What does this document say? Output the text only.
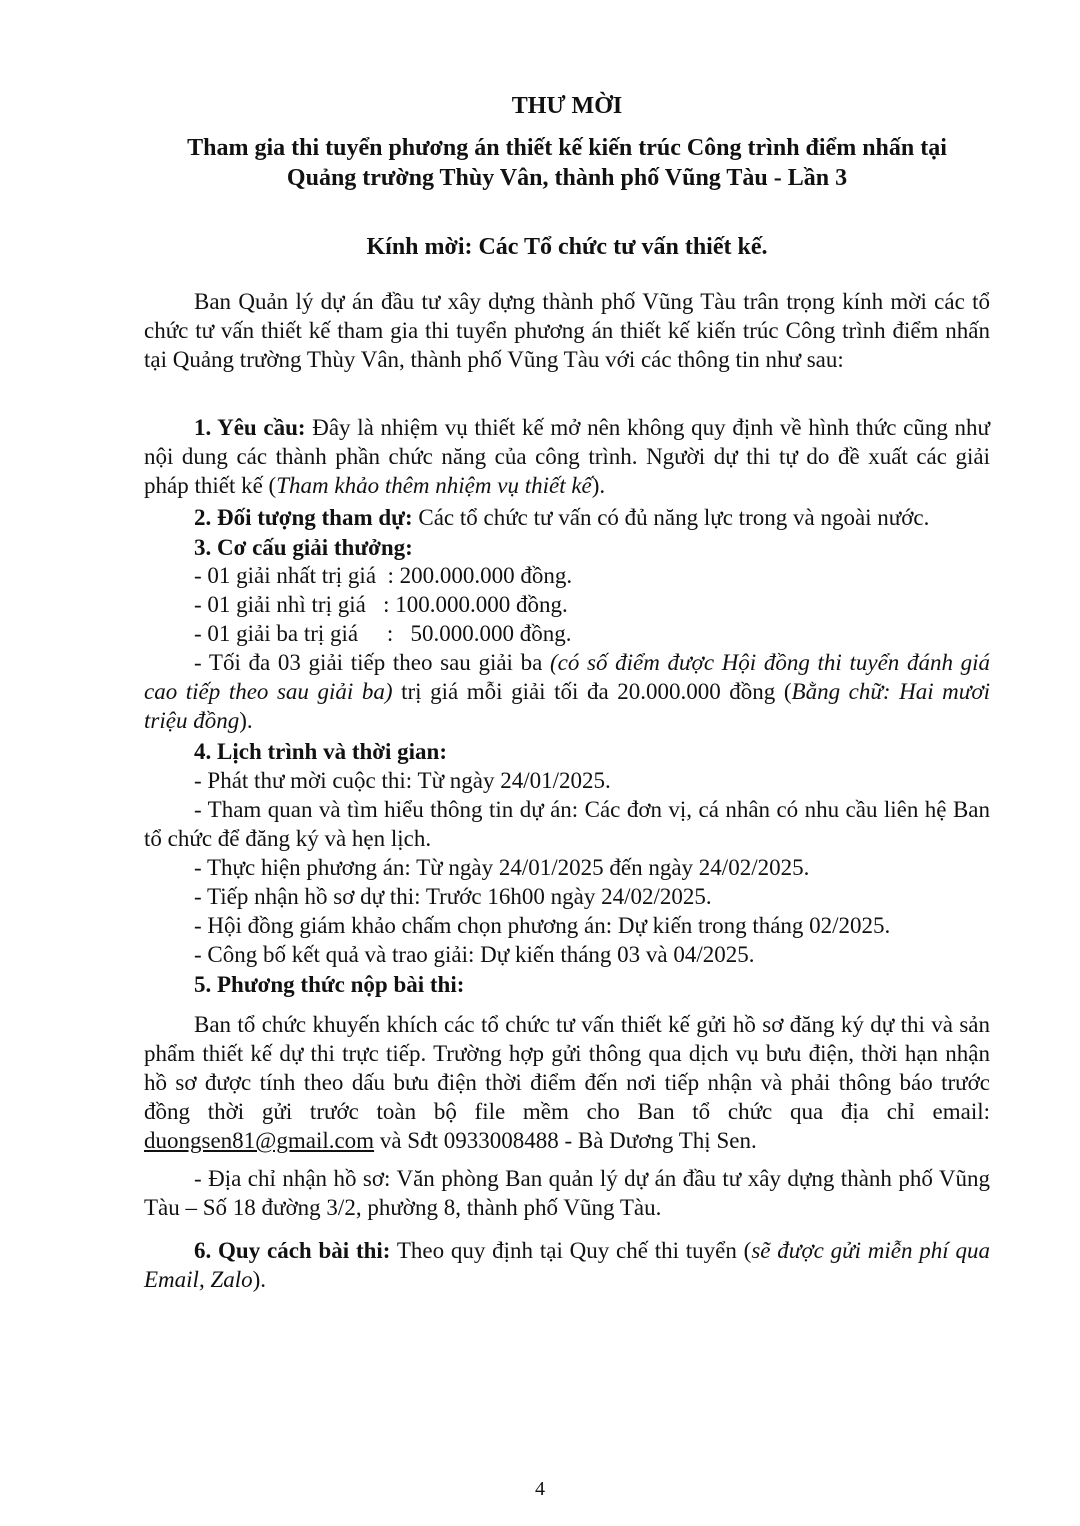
THƯ MỜI
Tham gia thi tuyển phương án thiết kế kiến trúc Công trình điểm nhấn tại
Quảng trường Thùy Vân, thành phố Vũng Tàu - Lần 3
Kính mời: Các Tổ chức tư vấn thiết kế.
Ban Quản lý dự án đầu tư xây dựng thành phố Vũng Tàu trân trọng kính mời các tổ chức tư vấn thiết kế tham gia thi tuyển phương án thiết kế kiến trúc Công trình điểm nhấn tại Quảng trường Thùy Vân, thành phố Vũng Tàu với các thông tin như sau:
1. Yêu cầu: Đây là nhiệm vụ thiết kế mở nên không quy định về hình thức cũng như nội dung các thành phần chức năng của công trình. Người dự thi tự do đề xuất các giải pháp thiết kế (Tham khảo thêm nhiệm vụ thiết kế).
2. Đối tượng tham dự: Các tổ chức tư vấn có đủ năng lực trong và ngoài nước.
3. Cơ cấu giải thưởng:
- 01 giải nhất trị giá  : 200.000.000 đồng.
- 01 giải nhì trị giá   : 100.000.000 đồng.
- 01 giải ba trị giá     :   50.000.000 đồng.
- Tối đa 03 giải tiếp theo sau giải ba (có số điểm được Hội đồng thi tuyển đánh giá cao tiếp theo sau giải ba) trị giá mỗi giải tối đa 20.000.000 đồng (Bằng chữ: Hai mươi triệu đồng).
4. Lịch trình và thời gian:
- Phát thư mời cuộc thi: Từ ngày 24/01/2025.
- Tham quan và tìm hiểu thông tin dự án: Các đơn vị, cá nhân có nhu cầu liên hệ Ban tổ chức để đăng ký và hẹn lịch.
- Thực hiện phương án: Từ ngày 24/01/2025 đến ngày 24/02/2025.
- Tiếp nhận hồ sơ dự thi: Trước 16h00 ngày 24/02/2025.
- Hội đồng giám khảo chấm chọn phương án: Dự kiến trong tháng 02/2025.
- Công bố kết quả và trao giải: Dự kiến tháng 03 và 04/2025.
5. Phương thức nộp bài thi:
Ban tổ chức khuyến khích các tổ chức tư vấn thiết kế gửi hồ sơ đăng ký dự thi và sản phẩm thiết kế dự thi trực tiếp. Trường hợp gửi thông qua dịch vụ bưu điện, thời hạn nhận hồ sơ được tính theo dấu bưu điện thời điểm đến nơi tiếp nhận và phải thông báo trước đồng thời gửi trước toàn bộ file mềm cho Ban tổ chức qua địa chỉ email: duongsen81@gmail.com và Sđt 0933008488 - Bà Dương Thị Sen.
- Địa chỉ nhận hồ sơ: Văn phòng Ban quản lý dự án đầu tư xây dựng thành phố Vũng Tàu – Số 18 đường 3/2, phường 8, thành phố Vũng Tàu.
6. Quy cách bài thi: Theo quy định tại Quy chế thi tuyển (sẽ được gửi miễn phí qua Email, Zalo).
4
